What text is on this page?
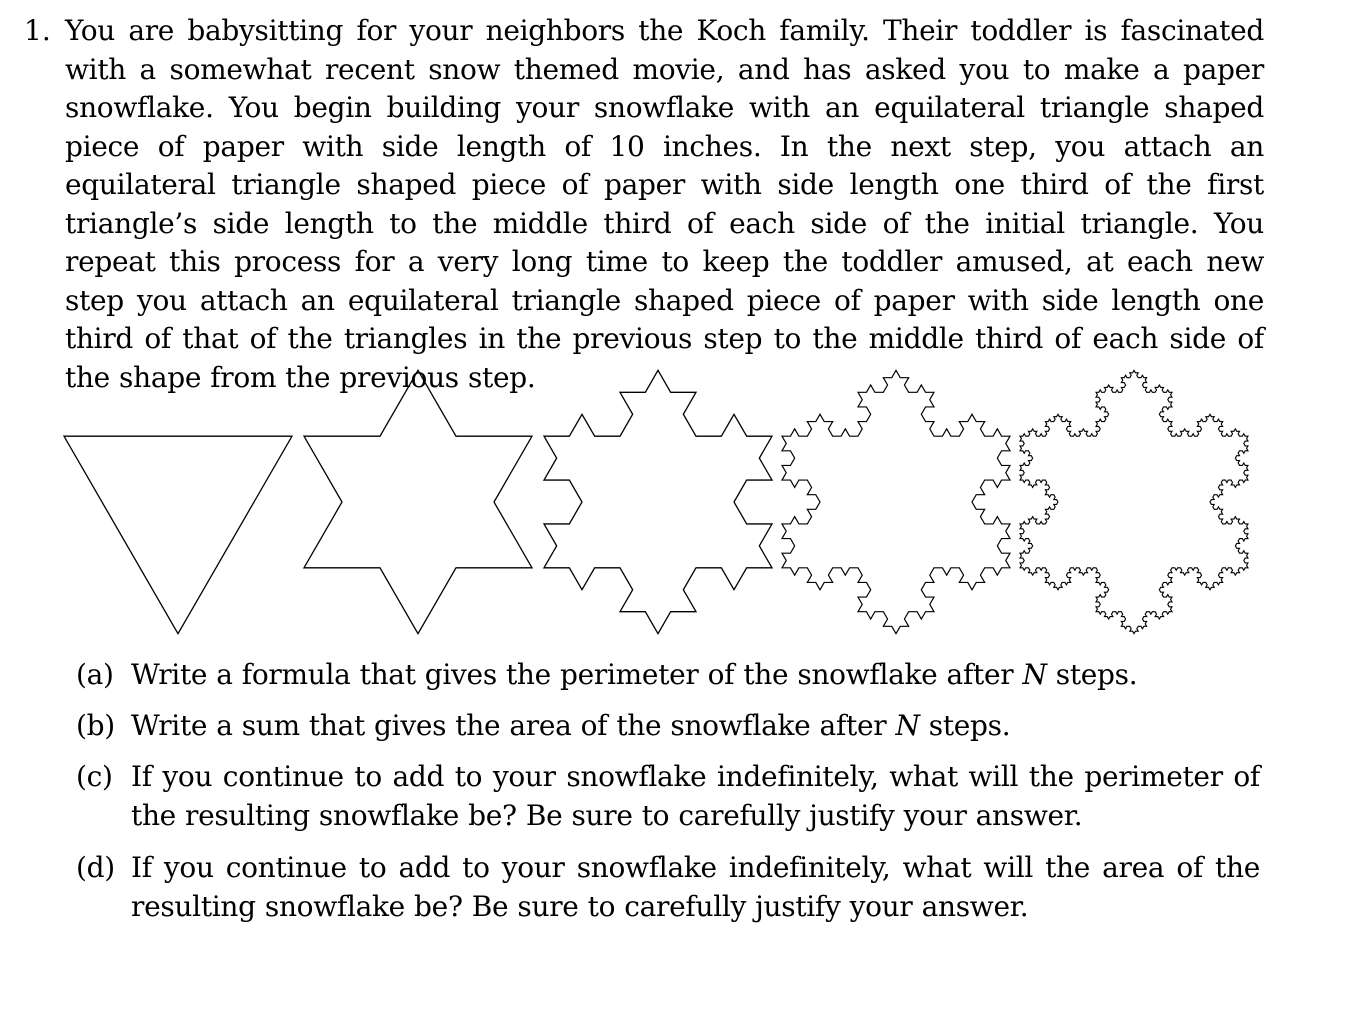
1. You are babysitting for your neighbors the Koch family. Their toddler is fascinated with a somewhat recent snow themed movie, and has asked you to make a paper snowflake. You begin building your snowflake with an equilateral triangle shaped piece of paper with side length of 10 inches. In the next step, you attach an equilateral triangle shaped piece of paper with side length one third of the first triangle’s side length to the middle third of each side of the initial triangle. You repeat this process for a very long time to keep the toddler amused, at each new step you attach an equilateral triangle shaped piece of paper with side length one third of that of the triangles in the previous step to the middle third of each side of the shape from the previous step.
(a) Write a formula that gives the perimeter of the snowflake after N steps.
(b) Write a sum that gives the area of the snowflake after N steps.
(c) If you continue to add to your snowflake indefinitely, what will the perimeter of the resulting snowflake be? Be sure to carefully justify your answer.
(d) If you continue to add to your snowflake indefinitely, what will the area of the resulting snowflake be? Be sure to carefully justify your answer.
